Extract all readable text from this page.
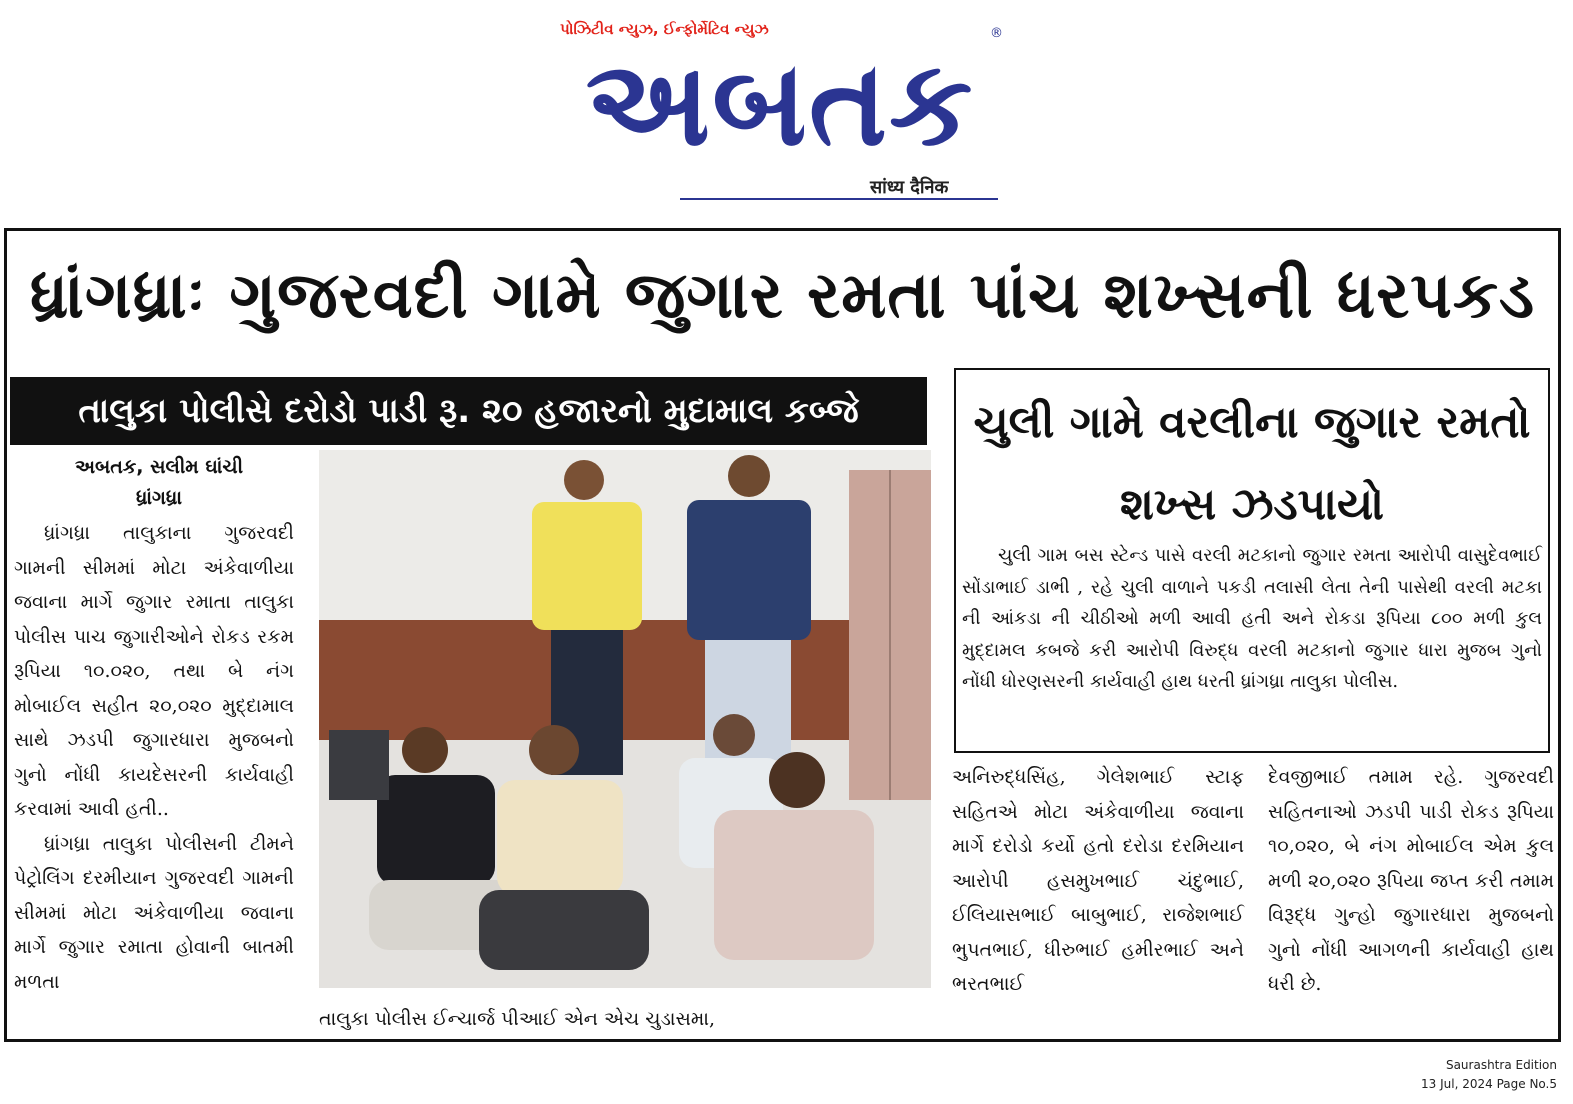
પોઝિટીવ ન્યુઝ, ઈન્ફોર્મેટિવ ન્યુઝ
અબતક
®
सांध्य दैनिक
ધ્રાંગધ્રાઃ ગુજરવદી ગામે જુગાર રમતા પાંચ શખ્સની ધરપકડ
તાલુકા પોલીસે દરોડો પાડી રૂ. ૨૦ હજારનો મુદામાલ કબ્જે
અબતક, સલીમ ઘાંચી
ધ્રાંગધ્રા

ધ્રાંગધ્રા તાલુકાના ગુજરવદી ગામની સીમમાં મોટા અંકેવાળીયા જવાના માર્ગે જુગાર રમાતા તાલુકા પોલીસ પાચ જુગારીઓને રોકડ રકમ રૂપિયા ૧૦.૦૨૦, તથા બે નંગ મોબાઈલ સહીત ૨૦,૦૨૦ મુદ્દામાલ સાથે ઝડપી જુગારધારા મુજબનો ગુનો નોંધી કાયદેસરની કાર્યવાહી કરવામાં આવી હતી..

ધ્રાંગધ્રા તાલુકા પોલીસની ટીમને પેટ્રોલિંગ દરમીયાન ગુજરવદી ગામની સીમમાં મોટા અંકેવાળીયા જવાના માર્ગે જુગાર રમાતા હોવાની બાતમી મળતા

તાલુકા પોલીસ ઈન્ચાર્જ પીઆઈ એન એચ ચુડાસમા,
ચુલી ગામે વરલીના જુગાર રમતો શખ્સ ઝડપાયો

ચુલી ગામ બસ સ્ટેન્ડ પાસે વરલી મટકાનો જુગાર રમતા આરોપી વાસુદેવભાઈ સોંડાભાઈ ડાભી , રહે ચુલી વાળાને પકડી તલાસી લેતા તેની પાસેથી વરલી મટકા ની આંકડા ની ચીઠીઓ મળી આવી હતી અને રોકડા રૂપિયા ૮૦૦ મળી કુલ મુદ્દામલ કબજે કરી આરોપી વિરુદ્ધ વરલી મટકાનો જુગાર ધારા મુજબ ગુનો નોંધી ધોરણસરની કાર્યવાહી હાથ ધરતી ધ્રાંગધ્રા તાલુકા પોલીસ.

અનિરુદ્ધસિંહ, ગેલેશભાઈ સ્ટાફ સહિતએ મોટા અંકેવાળીયા જવાના માર્ગે દરોડો કર્યો હતો દરોડા દરમિયાન આરોપી હસમુખભાઈ ચંદુભાઈ, ઈલિયાસભાઈ બાબુભાઈ, રાજેશભાઈ ભુપતભાઈ, ધીરુભાઈ હમીરભાઈ અને ભરતભાઈ

દેવજીભાઈ તમામ રહે. ગુજરવદી સહિતનાઓ ઝડપી પાડી રોકડ રૂપિયા ૧૦,૦૨૦, બે નંગ મોબાઈલ એમ કુલ મળી ૨૦,૦૨૦ રૂપિયા જપ્ત કરી તમામ વિરૂદ્ધ ગુન્હો જુગારધારા મુજબનો ગુનો નોંધી આગળની કાર્યવાહી હાથ ધરી છે.

Saurashtra Edition
13 Jul, 2024 Page No.5
